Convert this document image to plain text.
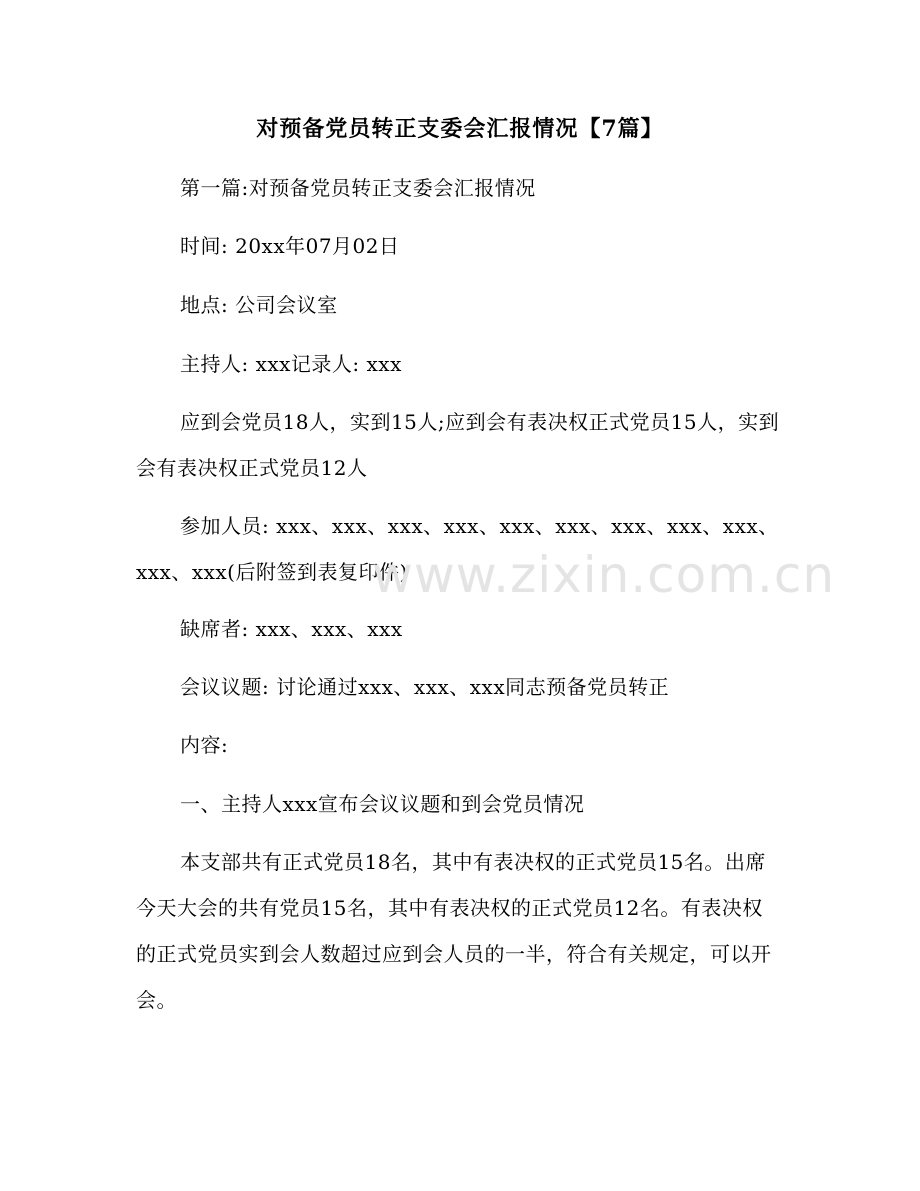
对预备党员转正支委会汇报情况【7篇】
第一篇:对预备党员转正支委会汇报情况
时间: 20xx年07月02日
地点: 公司会议室
主持人: xxx记录人: xxx
应到会党员18人，实到15人;应到会有表决权正式党员15人，实到会有表决权正式党员12人
参加人员: xxx、xxx、xxx、xxx、xxx、xxx、xxx、xxx、xxx、xxx、xxx(后附签到表复印件)
缺席者: xxx、xxx、xxx
会议议题: 讨论通过xxx、xxx、xxx同志预备党员转正
内容:
一、主持人xxx宣布会议议题和到会党员情况
本支部共有正式党员18名，其中有表决权的正式党员15名。出席今天大会的共有党员15名，其中有表决权的正式党员12名。有表决权的正式党员实到会人数超过应到会人员的一半，符合有关规定，可以开会。
www.zixin.com.cn
